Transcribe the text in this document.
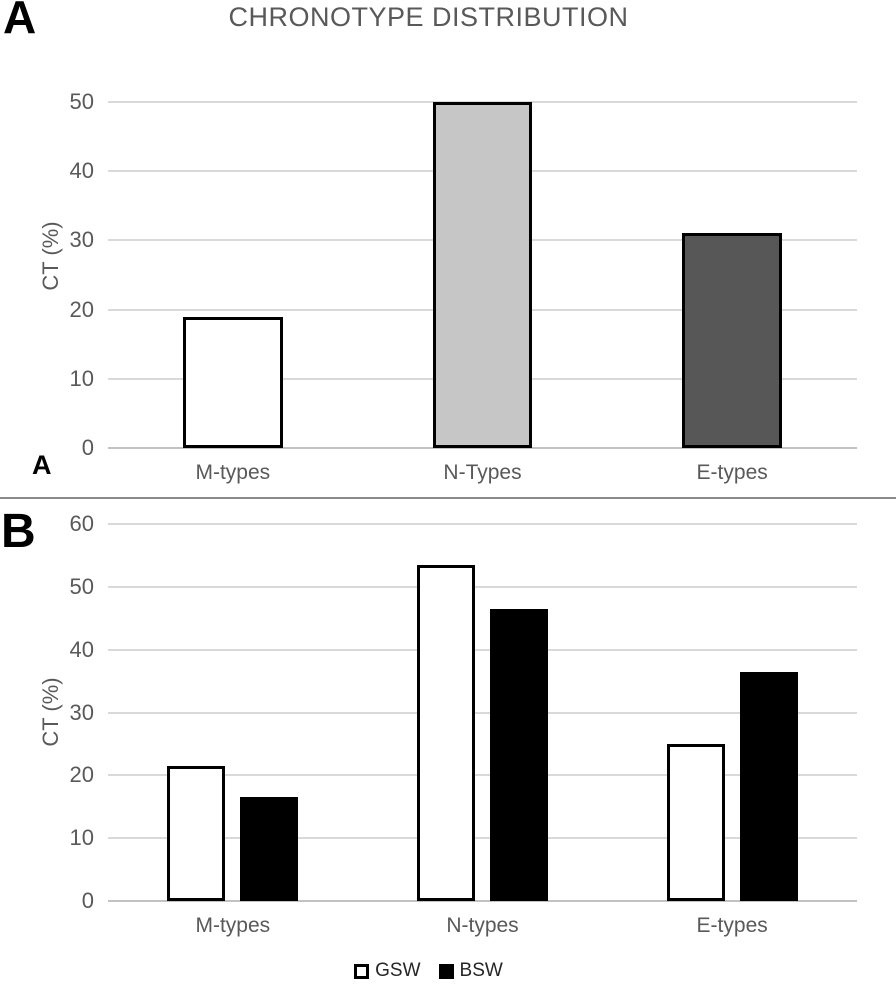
A	CHRONOTYPE DISTRIBUTION
CT (%)
A
0
10
20
30
40
50
M-types	N-Types	E-types
B
CT (%)
0
10
20
30
40
50
60
M-types	N-types	E-types
GSW BSW
